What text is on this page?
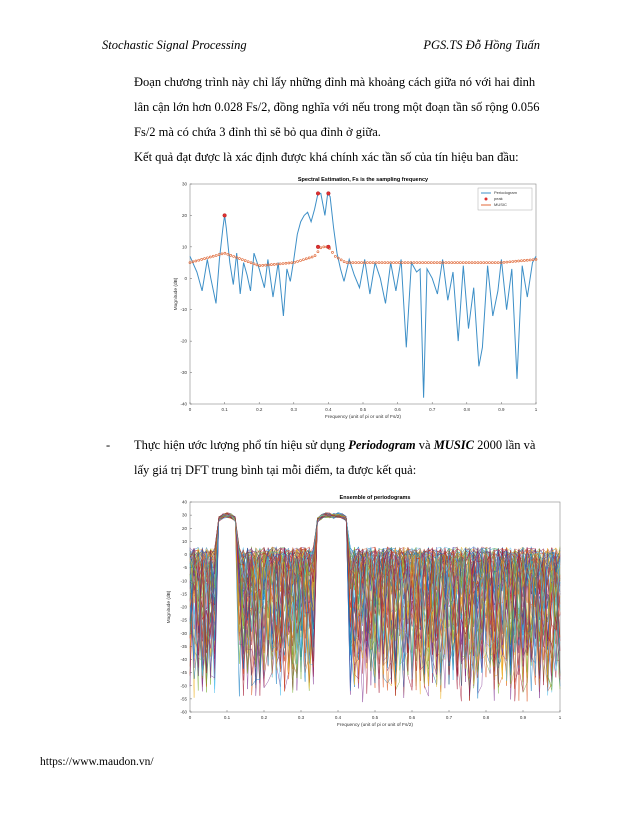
Stochastic Signal Processing	PGS.TS Đỗ Hồng Tuấn
Đoạn chương trình này chỉ lấy những đỉnh mà khoảng cách giữa nó với hai đỉnh lân cận lớn hơn 0.028 Fs/2, đồng nghĩa với nếu trong một đoạn tần số rộng 0.056 Fs/2 mà có chứa 3 đỉnh thì sẽ bỏ qua đỉnh ở giữa.
Kết quả đạt được là xác định được khá chính xác tần số của tín hiệu ban đầu:
Spectral Estimation, Fs is the sampling frequency
0	0.1	0.2	0.3	0.4	0.5	0.6	0.7	0.8	0.9	1
30
20
10
0
-10
-20
-30
-40
Frequency (unit of pi or unit of Fs/2)
Magnitude (dB)
Periodogram
peak
MUSIC
- Thực hiện ước lượng phổ tín hiệu sử dụng Periodogram và MUSIC 2000 lần và lấy giá trị DFT trung bình tại mỗi điểm, ta được kết quả:
Ensemble of periodograms
0	0.1	0.2	0.3	0.4	0.5	0.6	0.7	0.8	0.9	1
40
30
20
10
0
-5
-10
-15
-20
-25
-30
-35
-40
-45
-50
-55
-60
Frequency (unit of pi or unit of Fs/2)
Magnitude (dB)
https://www.maudon.vn/
